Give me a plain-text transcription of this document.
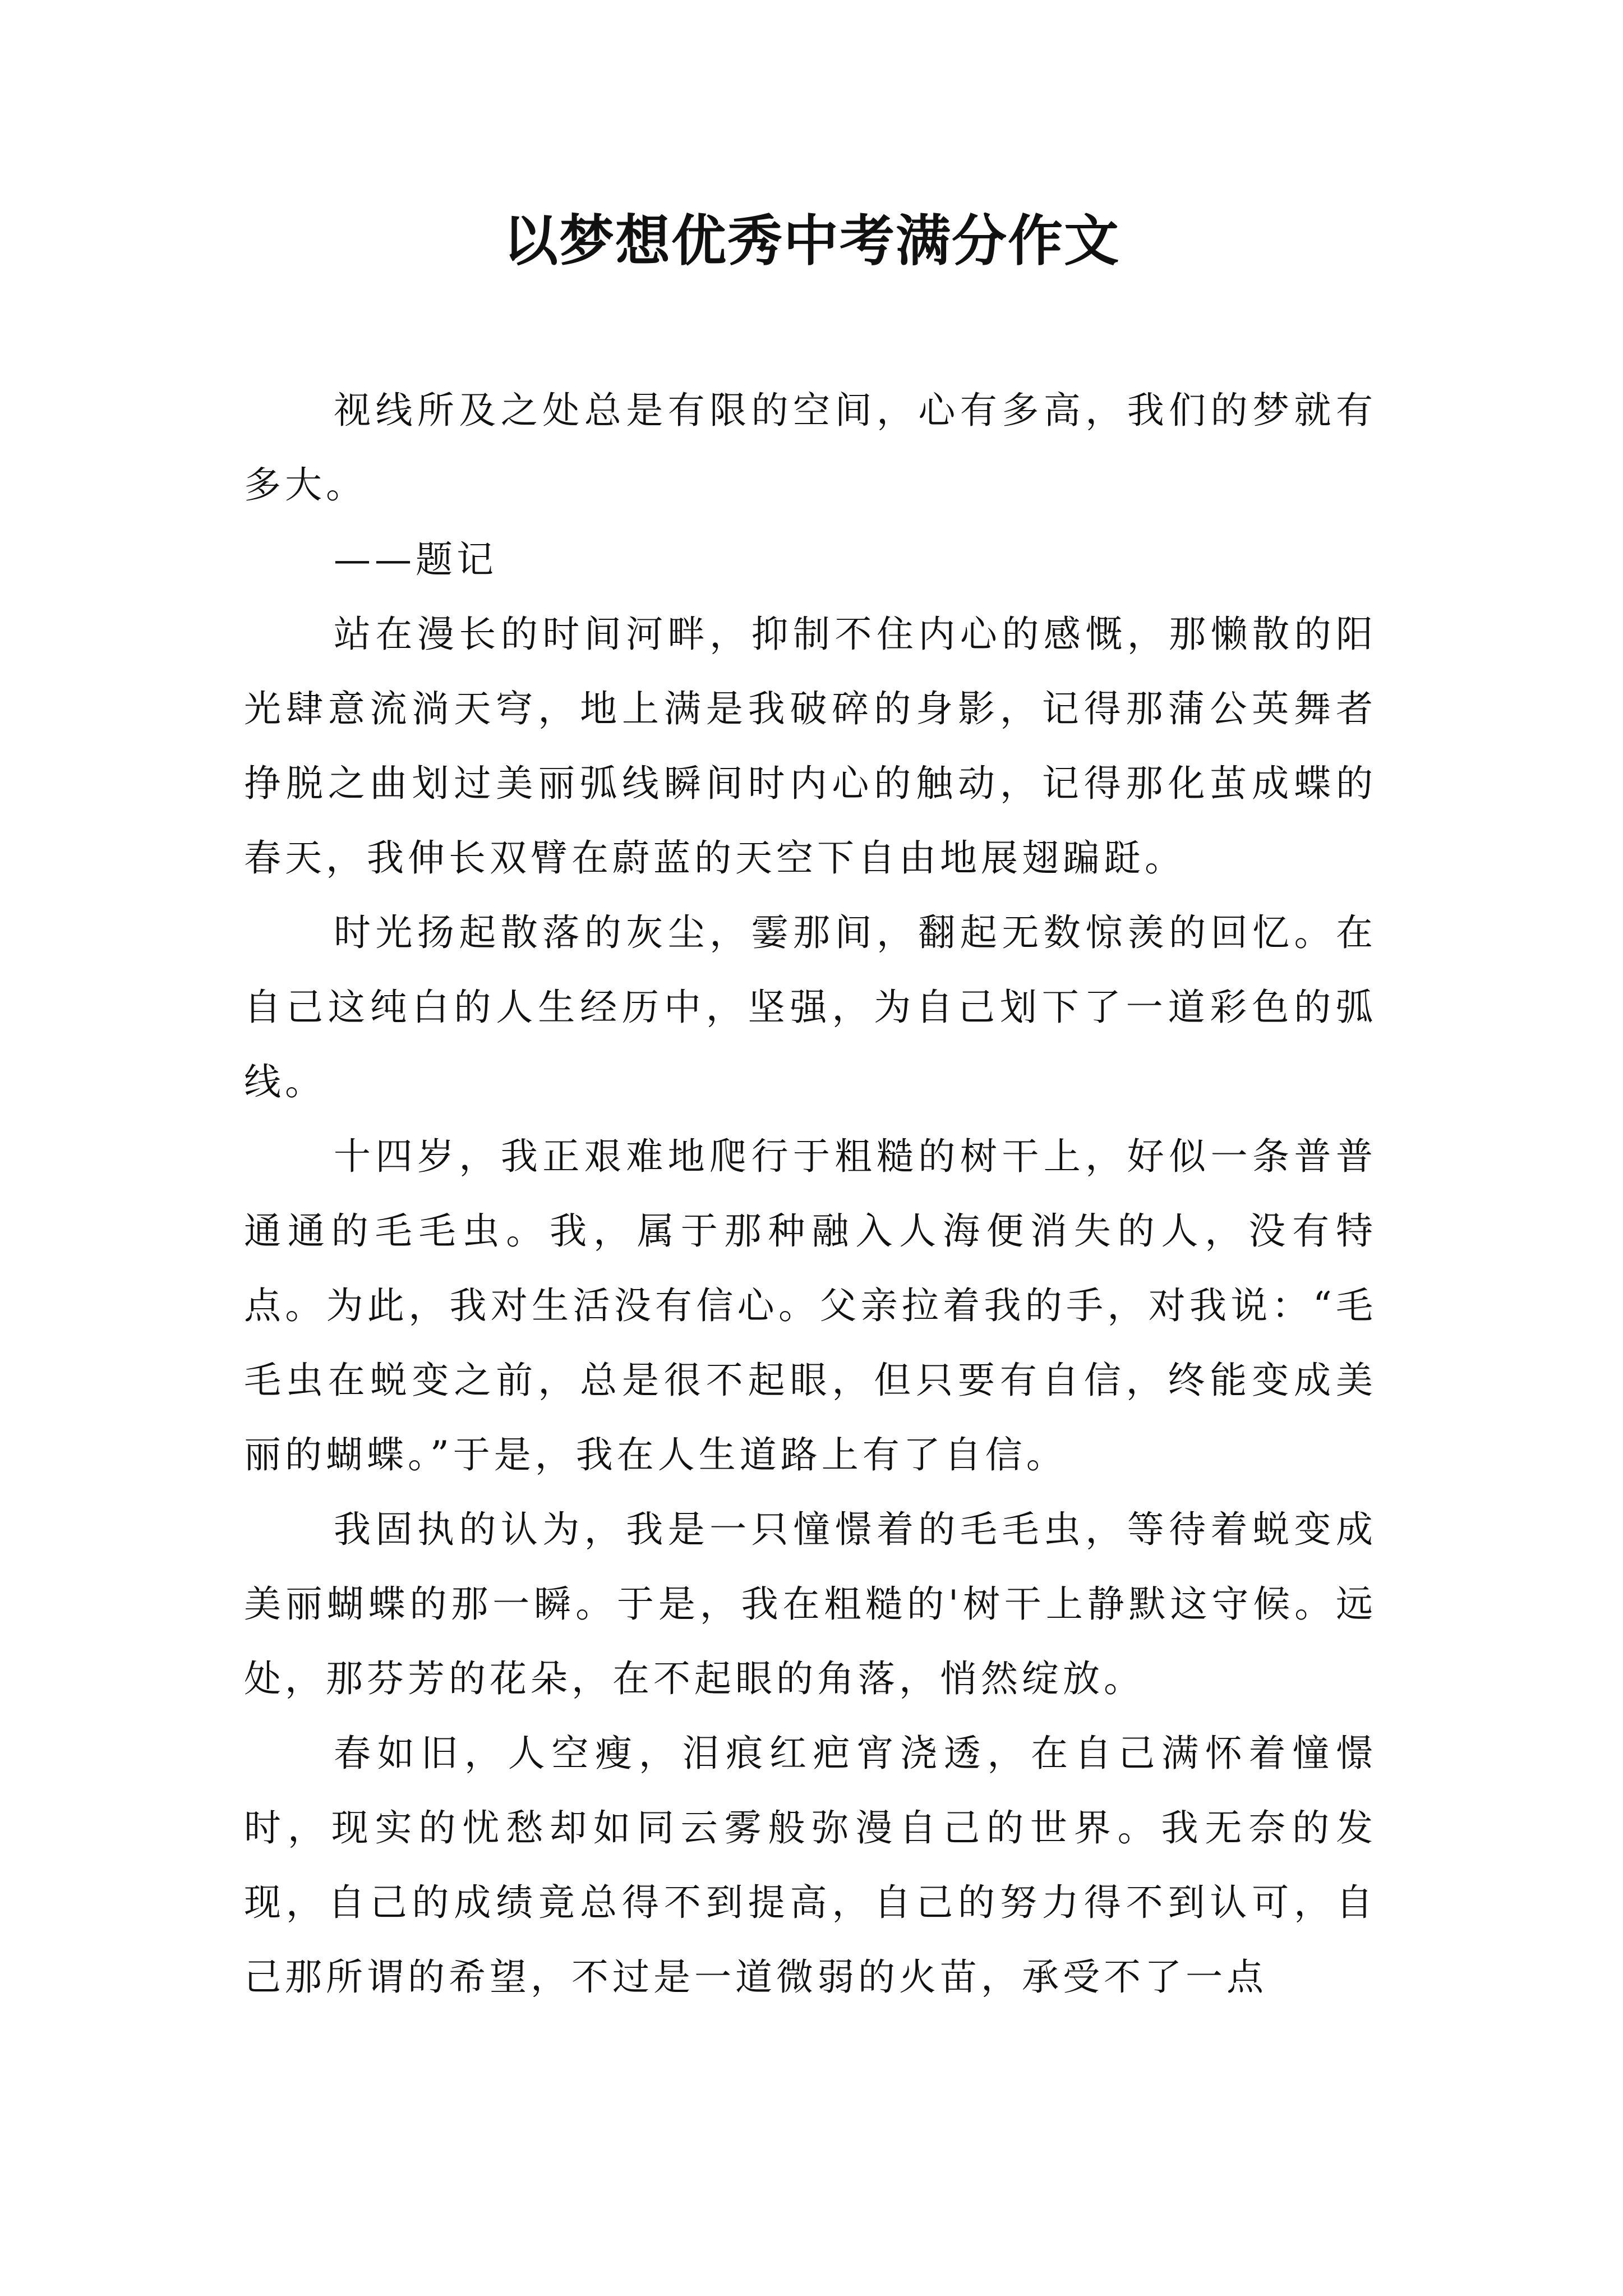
以梦想优秀中考满分作文

视线所及之处总是有限的空间，心有多高，我们的梦就有多大。

——题记

站在漫长的时间河畔，抑制不住内心的感慨，那懒散的阳光肆意流淌天穹，地上满是我破碎的身影，记得那蒲公英舞者挣脱之曲划过美丽弧线瞬间时内心的触动，记得那化茧成蝶的春天，我伸长双臂在蔚蓝的天空下自由地展翅蹁跹。

时光扬起散落的灰尘，霎那间，翻起无数惊羡的回忆。在自己这纯白的人生经历中，坚强，为自己划下了一道彩色的弧线。

十四岁，我正艰难地爬行于粗糙的树干上，好似一条普普通通的毛毛虫。我，属于那种融入人海便消失的人，没有特点。为此，我对生活没有信心。父亲拉着我的手，对我说：“毛毛虫在蜕变之前，总是很不起眼，但只要有自信，终能变成美丽的蝴蝶。”于是，我在人生道路上有了自信。

我固执的认为，我是一只憧憬着的毛毛虫，等待着蜕变成美丽蝴蝶的那一瞬。于是，我在粗糙的'树干上静默这守候。远处，那芬芳的花朵，在不起眼的角落，悄然绽放。

春如旧，人空瘦，泪痕红疤宵浇透，在自己满怀着憧憬时，现实的忧愁却如同云雾般弥漫自己的世界。我无奈的发现，自己的成绩竟总得不到提高，自己的努力得不到认可，自己那所谓的希望，不过是一道微弱的火苗，承受不了一点
